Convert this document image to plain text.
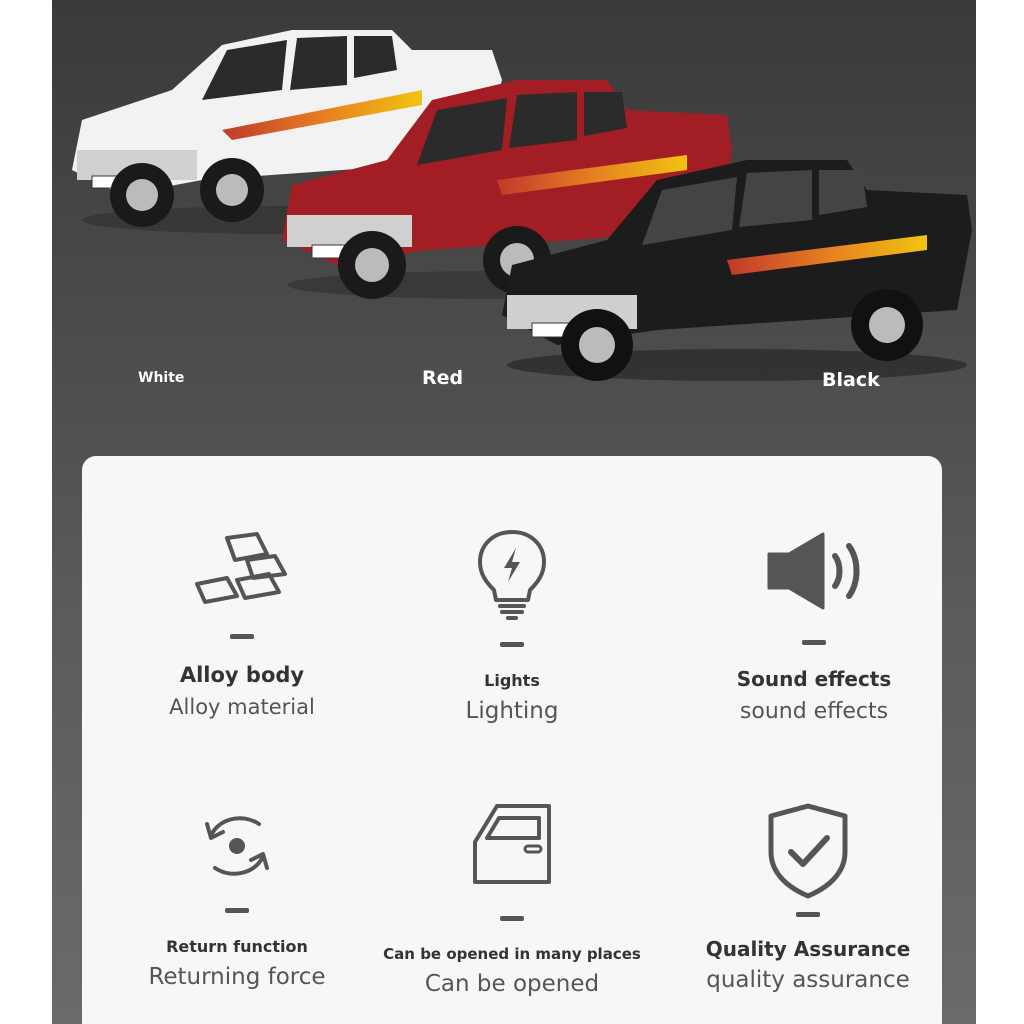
White	Red	Black
Alloy body
Alloy material
Lights
Lighting
Sound effects
sound effects
Return function
Returning force
Can be opened in many places
Can be opened
Quality Assurance
quality assurance
